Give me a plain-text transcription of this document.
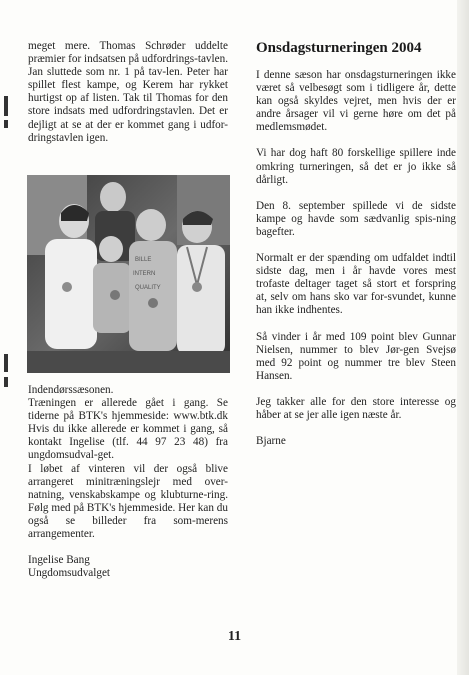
meget mere. Thomas Schrøder uddelte præmier for indsatsen på udfordrings-tavlen. Jan sluttede som nr. 1 på tav-len. Peter har spillet flest kampe, og Kerem har rykket hurtigst op af listen. Tak til Thomas for den store indsats med udfordringstavlen. Det er dejligt at se at der er kommet gang i udfor-dringstavlen igen.

BILLE
INTERN
QUALITY

Indendørssæsonen.

Træningen er allerede gået i gang. Se tiderne på BTK's hjemmeside: www.btk.dk Hvis du ikke allerede er kommet i gang, så kontakt Ingelise (tlf. 44 97 23 48) fra ungdomsudval-get.

I løbet af vinteren vil der også blive arrangeret minitræningslejr med over-natning, venskabskampe og klubturne-ring. Følg med på BTK's hjemmeside. Her kan du også se billeder fra som-merens arrangementer.

Ingelise Bang

Ungdomsudvalget

Onsdagsturneringen 2004

I denne sæson har onsdagsturneringen ikke været så velbesøgt som i tidligere år, dette kan også skyldes vejret, men hvis der er andre årsager vil vi gerne høre om det på medlemsmødet.

Vi har dog haft 80 forskellige spillere inde omkring turneringen, så det er jo ikke så dårligt.

Den 8. september spillede vi de sidste kampe og havde som sædvanlig spis-ning bagefter.

Normalt er der spænding om udfaldet indtil sidste dag, men i år havde vores mest trofaste deltager taget så stort et forspring at, selv om hans sko var for-svundet, kunne han ikke indhentes.

Så vinder i år med 109 point blev Gunnar Nielsen, nummer to blev Jør-gen Svejsø med 92 point og nummer tre blev Steen Hansen.

Jeg takker alle for den store interesse og håber at se jer alle igen næste år.

Bjarne

11
